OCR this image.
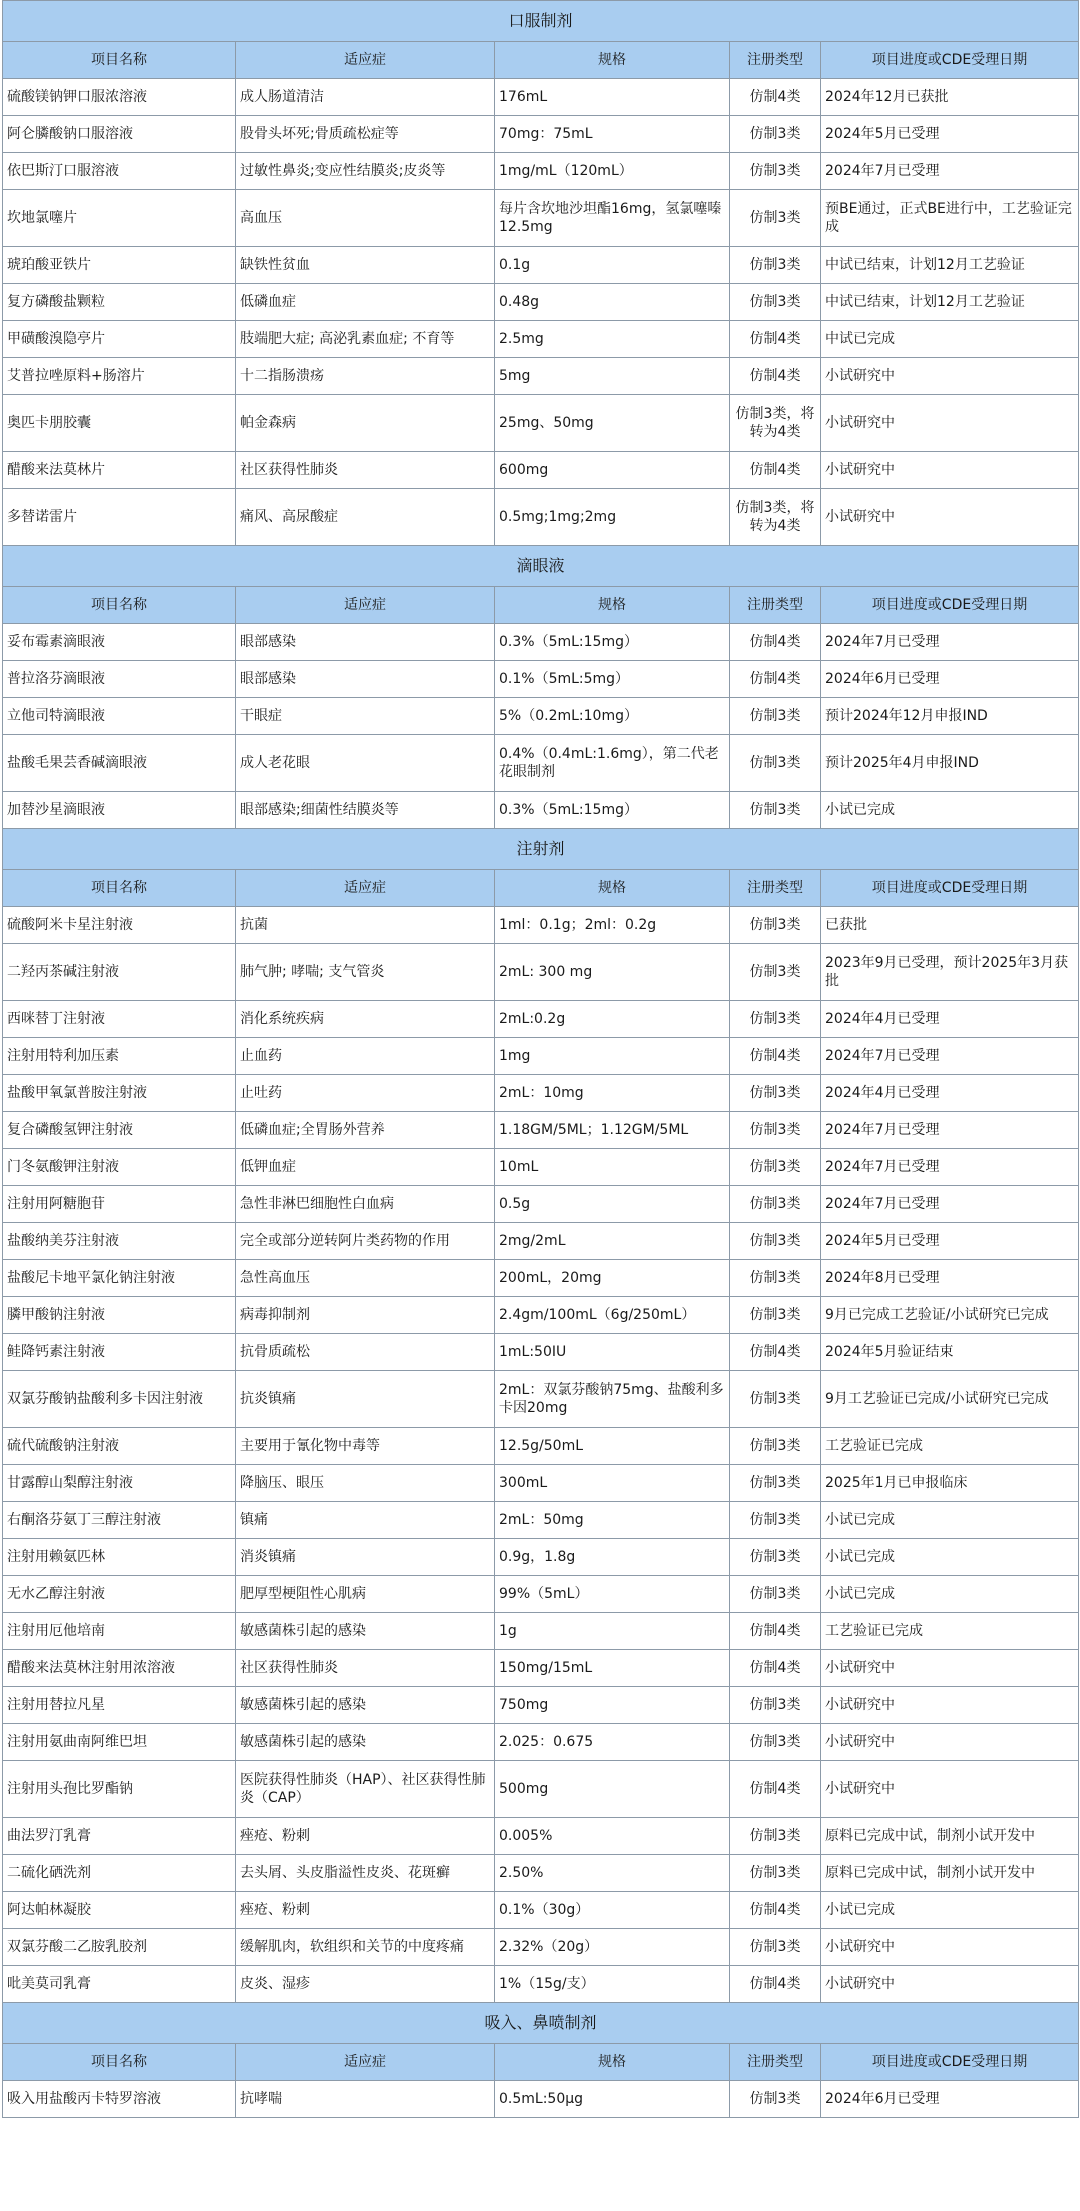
口服制剂				
项目名称	适应症	规格	注册类型	项目进度或CDE受理日期
硫酸镁钠钾口服浓溶液	成人肠道清洁	176mL	仿制4类	2024年12月已获批
阿仑膦酸钠口服溶液	股骨头坏死;骨质疏松症等	70mg：75mL	仿制3类	2024年5月已受理
依巴斯汀口服溶液	过敏性鼻炎;变应性结膜炎;皮炎等	1mg/mL（120mL）	仿制3类	2024年7月已受理
坎地氯噻片	高血压	每片含坎地沙坦酯16mg，氢氯噻嗪12.5mg	仿制3类	预BE通过，正式BE进行中，工艺验证完成
琥珀酸亚铁片	缺铁性贫血	0.1g	仿制3类	中试已结束，计划12月工艺验证
复方磷酸盐颗粒	低磷血症	0.48g	仿制3类	中试已结束，计划12月工艺验证
甲磺酸溴隐亭片	肢端肥大症; 高泌乳素血症; 不育等	2.5mg	仿制4类	中试已完成
艾普拉唑原料+肠溶片	十二指肠溃疡	5mg	仿制4类	小试研究中
奥匹卡朋胶囊	帕金森病	25mg、50mg	仿制3类，将转为4类	小试研究中
醋酸来法莫林片	社区获得性肺炎	600mg	仿制4类	小试研究中
多替诺雷片	痛风、高尿酸症	0.5mg;1mg;2mg	仿制3类，将转为4类	小试研究中
滴眼液				
项目名称	适应症	规格	注册类型	项目进度或CDE受理日期
妥布霉素滴眼液	眼部感染	0.3%（5mL:15mg）	仿制4类	2024年7月已受理
普拉洛芬滴眼液	眼部感染	0.1%（5mL:5mg）	仿制4类	2024年6月已受理
立他司特滴眼液	干眼症	5%（0.2mL:10mg）	仿制3类	预计2024年12月申报IND
盐酸毛果芸香碱滴眼液	成人老花眼	0.4%（0.4mL:1.6mg），第二代老花眼制剂	仿制3类	预计2025年4月申报IND
加替沙星滴眼液	眼部感染;细菌性结膜炎等	0.3%（5mL:15mg）	仿制3类	小试已完成
注射剂				
项目名称	适应症	规格	注册类型	项目进度或CDE受理日期
硫酸阿米卡星注射液	抗菌	1ml：0.1g；2ml：0.2g	仿制3类	已获批
二羟丙茶碱注射液	肺气肿; 哮喘; 支气管炎	2mL: 300 mg	仿制3类	2023年9月已受理，预计2025年3月获批
西咪替丁注射液	消化系统疾病	2mL:0.2g	仿制3类	2024年4月已受理
注射用特利加压素	止血药	1mg	仿制4类	2024年7月已受理
盐酸甲氧氯普胺注射液	止吐药	2mL：10mg	仿制3类	2024年4月已受理
复合磷酸氢钾注射液	低磷血症;全胃肠外营养	1.18GM/5ML；1.12GM/5ML	仿制3类	2024年7月已受理
门冬氨酸钾注射液	低钾血症	10mL	仿制3类	2024年7月已受理
注射用阿糖胞苷	急性非淋巴细胞性白血病	0.5g	仿制3类	2024年7月已受理
盐酸纳美芬注射液	完全或部分逆转阿片类药物的作用	2mg/2mL	仿制3类	2024年5月已受理
盐酸尼卡地平氯化钠注射液	急性高血压	200mL，20mg	仿制3类	2024年8月已受理
膦甲酸钠注射液	病毒抑制剂	2.4gm/100mL（6g/250mL）	仿制3类	9月已完成工艺验证/小试研究已完成
鲑降钙素注射液	抗骨质疏松	1mL:50IU	仿制4类	2024年5月验证结束
双氯芬酸钠盐酸利多卡因注射液	抗炎镇痛	2mL：双氯芬酸钠75mg、盐酸利多卡因20mg	仿制3类	9月工艺验证已完成/小试研究已完成
硫代硫酸钠注射液	主要用于氰化物中毒等	12.5g/50mL	仿制3类	工艺验证已完成
甘露醇山梨醇注射液	降脑压、眼压	300mL	仿制3类	2025年1月已申报临床
右酮洛芬氨丁三醇注射液	镇痛	2mL：50mg	仿制3类	小试已完成
注射用赖氨匹林	消炎镇痛	0.9g，1.8g	仿制3类	小试已完成
无水乙醇注射液	肥厚型梗阻性心肌病	99%（5mL）	仿制3类	小试已完成
注射用厄他培南	敏感菌株引起的感染	1g	仿制4类	工艺验证已完成
醋酸来法莫林注射用浓溶液	社区获得性肺炎	150mg/15mL	仿制4类	小试研究中
注射用替拉凡星	敏感菌株引起的感染	750mg	仿制3类	小试研究中
注射用氨曲南阿维巴坦	敏感菌株引起的感染	2.025：0.675	仿制3类	小试研究中
注射用头孢比罗酯钠	医院获得性肺炎（HAP）、社区获得性肺炎（CAP）	500mg	仿制4类	小试研究中
曲法罗汀乳膏	痤疮、粉刺	0.005%	仿制3类	原料已完成中试，制剂小试开发中
二硫化硒洗剂	去头屑、头皮脂溢性皮炎、花斑癣	2.50%	仿制3类	原料已完成中试，制剂小试开发中
阿达帕林凝胶	痤疮、粉刺	0.1%（30g）	仿制4类	小试已完成
双氯芬酸二乙胺乳胶剂	缓解肌肉，软组织和关节的中度疼痛	2.32%（20g）	仿制3类	小试研究中
吡美莫司乳膏	皮炎、湿疹	1%（15g/支）	仿制4类	小试研究中
吸入、鼻喷制剂				
项目名称	适应症	规格	注册类型	项目进度或CDE受理日期
吸入用盐酸丙卡特罗溶液	抗哮喘	0.5mL:50μg	仿制3类	2024年6月已受理
